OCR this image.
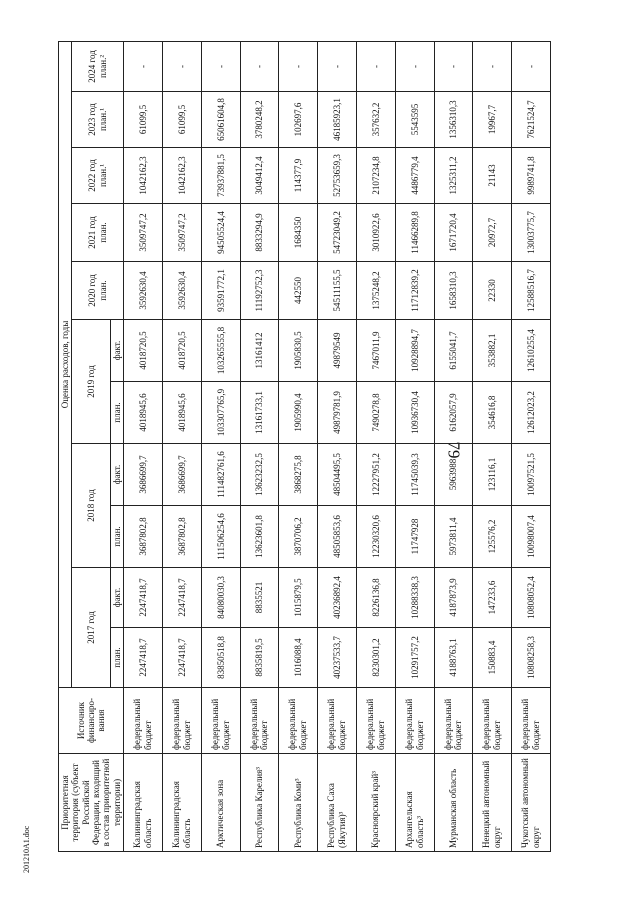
79
Приоритетная территория (субъект Российской Федерации, входящий в состав приоритетной территории)	Источник финансиро-вания	Оценка расходов, годы										
		2017 год		2018 год		2019 год		2020 год план.	2021 год план.	2022 год план.¹	2023 год план.¹	2024 год план.²
		план.	факт.	план.	факт.	план.	факт.					
Калининградская область	федеральный бюджет	2247418,7	2247418,7	3687802,8	3686699,7	4018945,6	4018720,5	3592630,4	3509747,2	1042162,3	61099,5	-
Калининградская область	федеральный бюджет	2247418,7	2247418,7	3687802,8	3686699,7	4018945,6	4018720,5	3592630,4	3509747,2	1042162,3	61099,5	-
Арктическая зона	федеральный бюджет	83850518,8	84080030,3	111506254,6	111482761,6	103307765,9	103265555,8	93591772,1	94505524,4	73937881,5	65061604,8	-
Республика Карелия³	федеральный бюджет	8835819,5	8835521	13623601,8	13623232,5	13161733,1	13161412	11192752,3	8833294,9	3049412,4	3780248,2	-
Республика Коми³	федеральный бюджет	1016088,4	1015879,5	3870706,2	3868275,8	1905990,4	1905830,5	442550	1684350	114377,9	102697,6	-
Республика Саха (Якутия)³	федеральный бюджет	40237533,7	40236892,4	48505853,6	48504495,5	49879781,9	49879549	54511155,5	54723049,2	52753659,3	46185923,1	-
Красноярский край³	федеральный бюджет	8230301,2	8226136,8	12230320,6	12227951,2	7490278,8	7467011,9	1375248,2	3010922,6	2107234,8	357632,2	-
Архангельская область³	федеральный бюджет	10291757,2	10288338,3	11747928	11745039,3	10936730,4	10928894,7	11712839,2	11466289,8	4486779,4	5543595	-
Мурманская область	федеральный бюджет	4188763,1	4187873,9	5973811,4	5963988	6162057,9	6155041,7	1658310,3	1671720,4	1325311,2	1356310,3	-
Ненецкий автономный округ	федеральный бюджет	150883,4	147233,6	125576,2	123116,1	354616,8	353882,1	22330	20972,7	21143	19967,7	-
Чукотский автономный округ	федеральный бюджет	10808258,3	10808052,4	10098007,4	10097521,5	12612023,2	12610255,4	12588516,7	13003775,7	9989741,8	7621524,7	-
201210A1.doc
